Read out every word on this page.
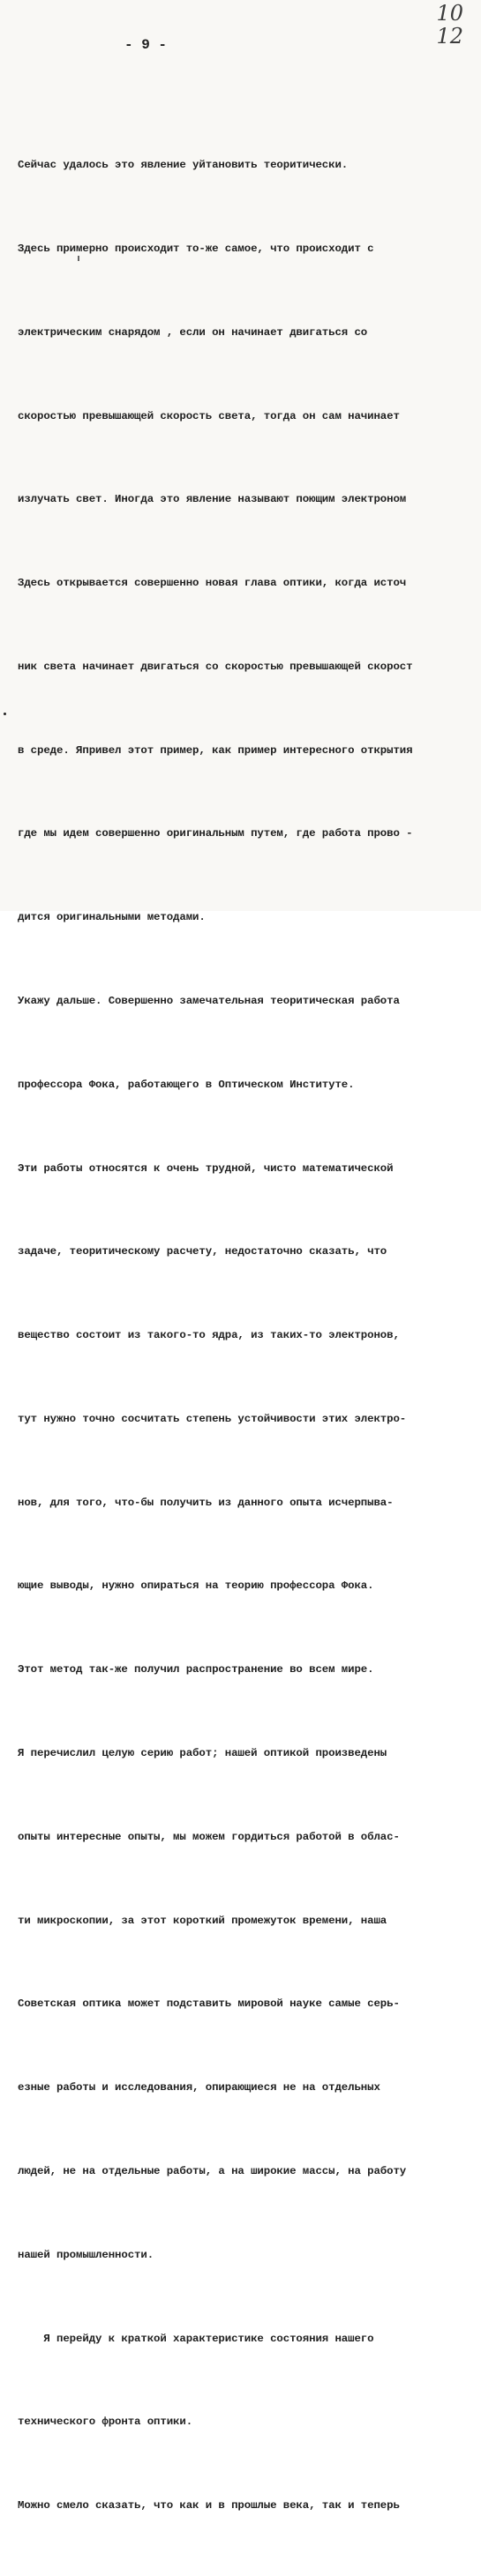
- 9 -
10
12

Сейчас удалось это явление уйтановить теоритически.

Здесь примерно происходит то-же самое, что происходит с

электрическим снарядом , если он начинает двигаться со

скоростью превышающей скорость света, тогда он сам начинает

излучать свет. Иногда это явление называют поющим электроном

Здесь открывается совершенно новая глава оптики, когда источ

ник света начинает двигаться со скоростью превышающей скорост

в среде. Япривел этот пример, как пример интересного открытия

где мы идем совершенно оригинальным путем, где работа прово -

дится оригинальными методами.

Укажу дальше. Совершенно замечательная теоритическая работа

профессора Фока, работающего в Оптическом Институте.

Эти работы относятся к очень трудной, чисто математической

задаче, теоритическому расчету, недостаточно сказать, что

вещество состоит из такого-то ядра, из таких-то электронов,

тут нужно точно сосчитать степень устойчивости этих электро-

нов, для того, что-бы получить из данного опыта исчерпыва-

ющие выводы, нужно опираться на теорию профессора Фока.

Этот метод так-же получил распространение во всем мире.

Я перечислил целую серию работ; нашей оптикой произведены

опыты интересные опыты, мы можем гордиться работой в облас-

ти микроскопии, за этот короткий промежуток времени, наша

Советская оптика может подставить мировой науке самые серь-

езные работы и исследования, опирающиеся не на отдельных

людей, не на отдельные работы, а на широкие массы, на работу

нашей промышленности.

Я перейду к краткой характеристике состояния нашего

технического фронта оптики.

Можно смело сказать, что как и в прошлые века, так и теперь
